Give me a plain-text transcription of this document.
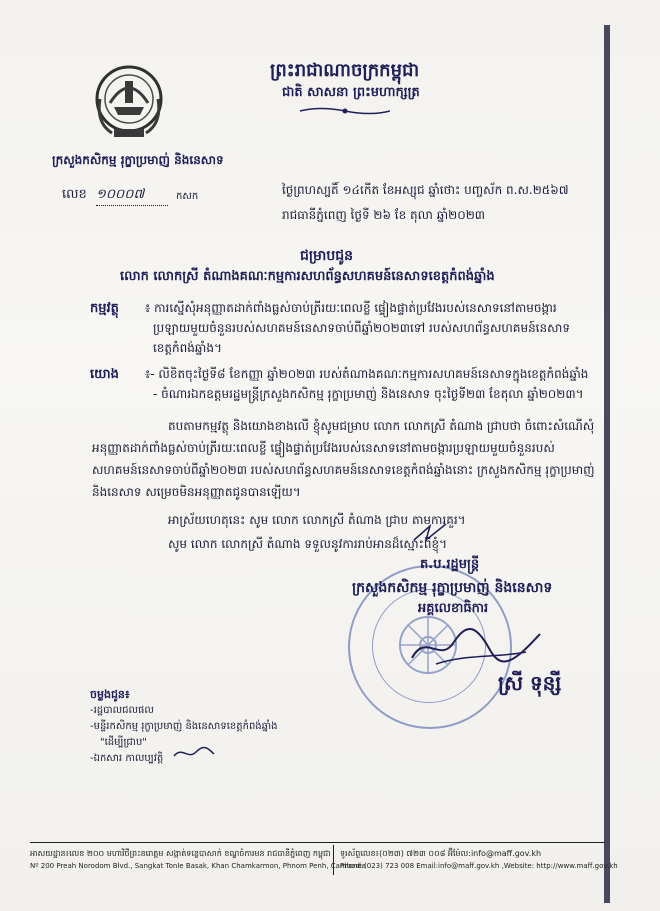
ក ស ក
ព្រះរាជាណាចក្រកម្ពុជា
ជាតិ សាសនា ព្រះមហាក្សត្រ
ក្រសួងកសិកម្ម រុក្ខាប្រមាញ់ និងនេសាទ
លេខ ១០០០៧	កសក	ថ្ងៃព្រហស្បតិ៍ ១៤កើត ខែអស្សុជ ឆ្នាំថោះ បញ្ចស័ក ព.ស.២៥៦៧
រាជធានីភ្នំពេញ ថ្ងៃទី ២៦ ខែ តុលា ឆ្នាំ២០២៣
ជម្រាបជូន
លោក លោកស្រី តំណាងគណៈកម្មការសហព័ន្ធសហគមន៍នេសាទខេត្តកំពង់ឆ្នាំង
កម្មវត្ថុ ៖ ការស្នើសុំអនុញ្ញាតដាក់ពាំងធ្លស់ចាប់ត្រីរយៈពេលខ្លី ផ្ទៀងផ្ទាត់ប្រវែងរបស់នេសាទនៅតាមចង្ការ
ប្រឡាយមួយចំនួនរបស់សហគមន៍នេសាទចាប់ពីឆ្នាំ២០២៣ទៅ របស់សហព័ន្ធសហគមន៍នេសាទ
ខេត្តកំពង់ឆ្នាំង។
យោង ៖- លិខិតចុះថ្ងៃទី៨ ខែកញ្ញា ឆ្នាំ២០២៣ របស់តំណាងគណៈកម្មការសហគមន៍នេសាទក្នុងខេត្តកំពង់ឆ្នាំង
- ចំណារឯកឧត្តមរដ្ឋមន្ត្រីក្រសួងកសិកម្ម រុក្ខាប្រមាញ់ និងនេសាទ ចុះថ្ងៃទី២៣ ខែតុលា ឆ្នាំ២០២៣។
តបតាមកម្មវត្ថុ និងយោងខាងលើ ខ្ញុំសូមជម្រាប លោក លោកស្រី តំណាង ជ្រាបថា ចំពោះសំណើសុំ
អនុញ្ញាតដាក់ពាំងធ្លស់ចាប់ត្រីរយៈពេលខ្លី ផ្ទៀងផ្ទាត់ប្រវែងរបស់នេសាទនៅតាមចង្ការប្រឡាយមួយចំនួនរបស់
សហគមន៍នេសាទចាប់ពីឆ្នាំ២០២៣ របស់សហព័ន្ធសហគមន៍នេសាទខេត្តកំពង់ឆ្នាំងនោះ ក្រសួងកសិកម្ម រុក្ខាប្រមាញ់
និងនេសាទ សម្រេចមិនអនុញ្ញាតជូនបានឡើយ។
អាស្រ័យហេតុនេះ សូម លោក លោកស្រី តំណាង ជ្រាប តាមការគួរ។
សូម លោក លោកស្រី តំណាង ទទួលនូវការរាប់អានដ៏ស្មោះពីខ្ញុំ។
ត.ប.រដ្ឋមន្ត្រី
ក្រសួងកសិកម្ម រុក្ខាប្រមាញ់ និងនេសាទ
អគ្គលេខាធិការ
ស្រី ទុន្សី
ចម្លងជូន៖
-រដ្ឋបាលជលផល
-មន្ទីរកសិកម្ម រុក្ខាប្រមាញ់ និងនេសាទខេត្តកំពង់ឆ្នាំង
"ដើម្បីជ្រាប"
-ឯកសារ កាលប្បវត្តិ
អាសយដ្ឋាន៖លេខ ២០០ មហាវិថីព្រះនរោត្តម សង្កាត់ទន្លេបាសាក់ ខណ្ឌចំការមន រាជធានីភ្នំពេញ កម្ពុជា
Nº 200 Preah Norodom Blvd., Sangkat Tonle Basak, Khan Chamkarmon, Phnom Penh, Cambodia
ទូរស័ព្ទលេខ៖(០២៣) ៧២៣ ០០៨ អ៊ីម៉ែល:info@maff.gov.kh
Phone:(023) 723 008 Email:info@maff.gov.kh ,Website: http://www.maff.gov.kh
